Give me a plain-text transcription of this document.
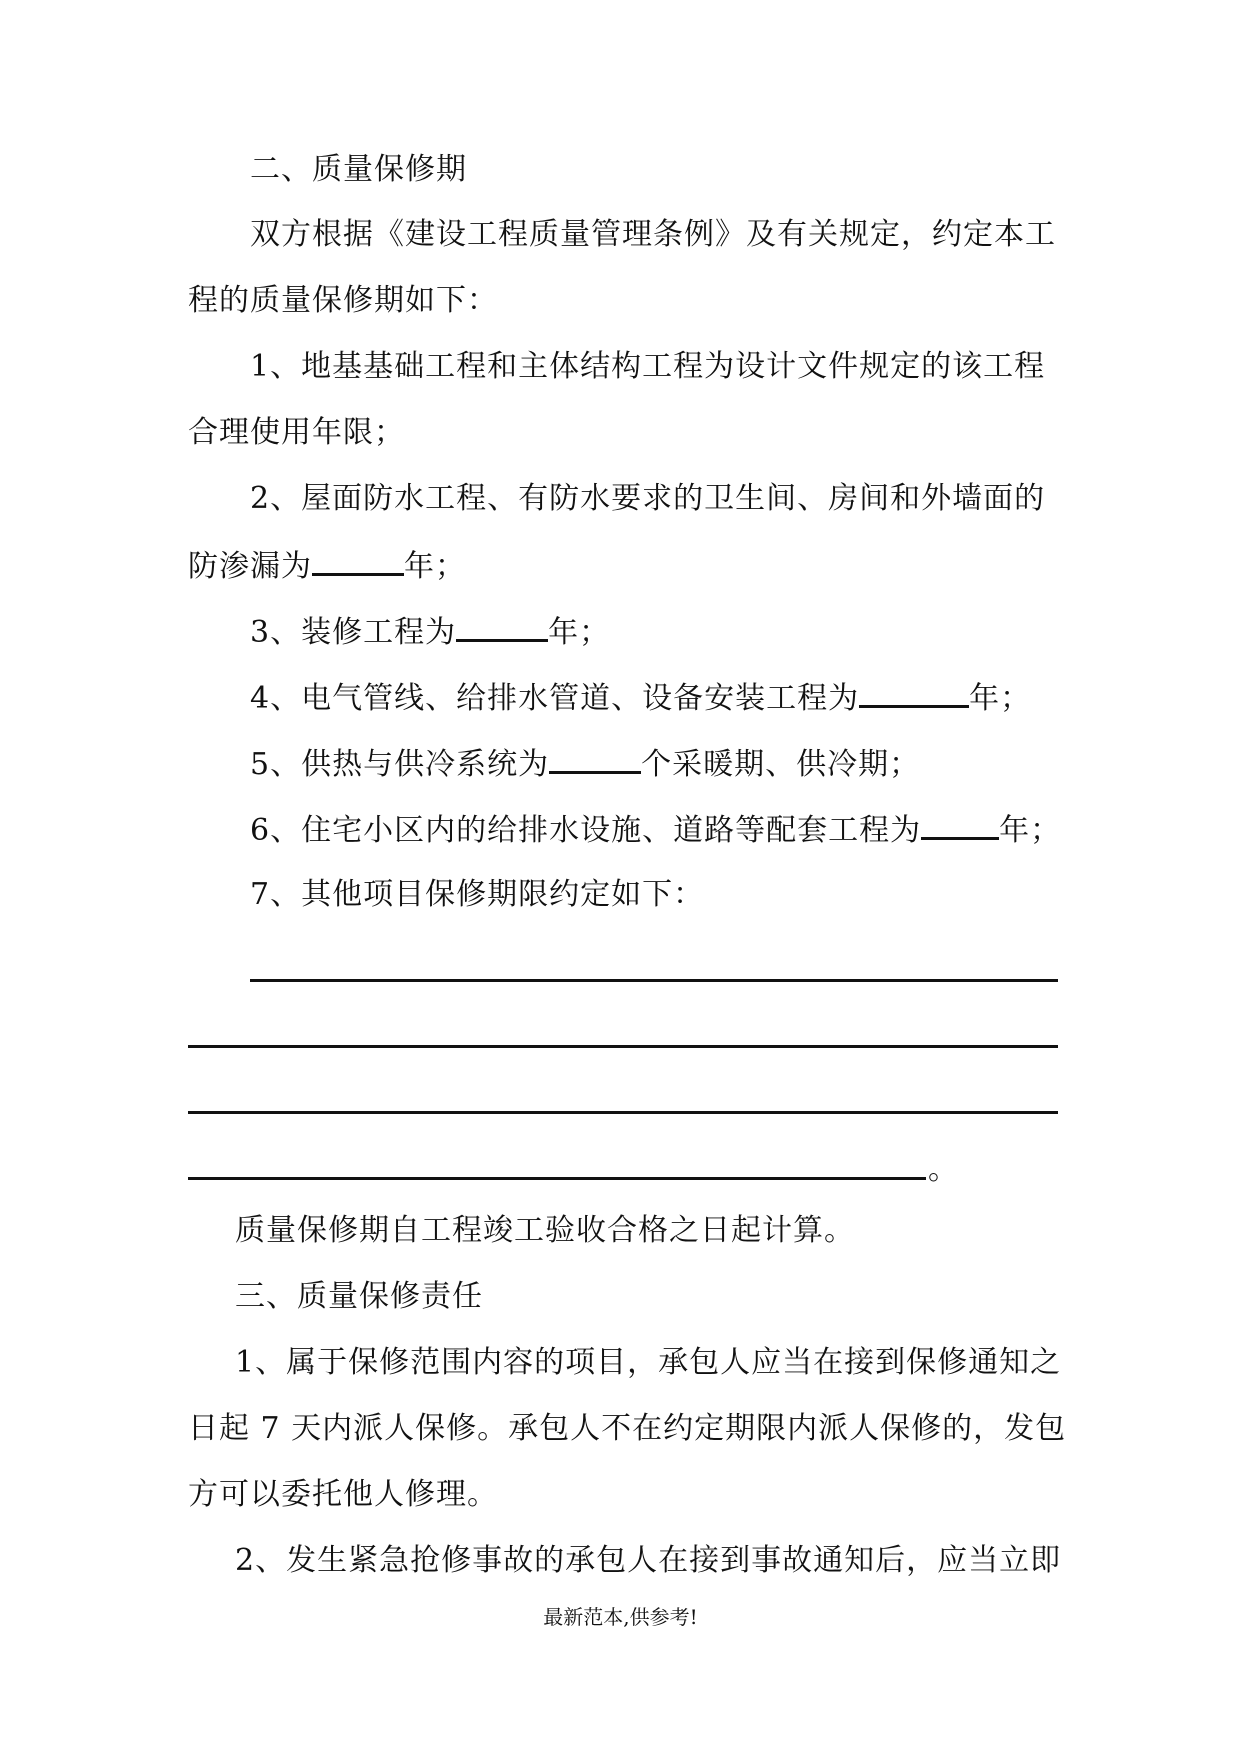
二、质量保修期
双方根据《建设工程质量管理条例》及有关规定，约定本工
程的质量保修期如下：
1、地基基础工程和主体结构工程为设计文件规定的该工程
合理使用年限；
2、屋面防水工程、有防水要求的卫生间、房间和外墙面的
防渗漏为	年；
3、装修工程为	年；
4、电气管线、给排水管道、设备安装工程为	年；
5、供热与供冷系统为	个采暖期、供冷期；
6、住宅小区内的给排水设施、道路等配套工程为	年；
7、其他项目保修期限约定如下：
。
质量保修期自工程竣工验收合格之日起计算。
三、质量保修责任
1、属于保修范围内容的项目，承包人应当在接到保修通知之
日起 7 天内派人保修。承包人不在约定期限内派人保修的，发包
方可以委托他人修理。
2、发生紧急抢修事故的承包人在接到事故通知后，应当立即
最新范本,供参考!
